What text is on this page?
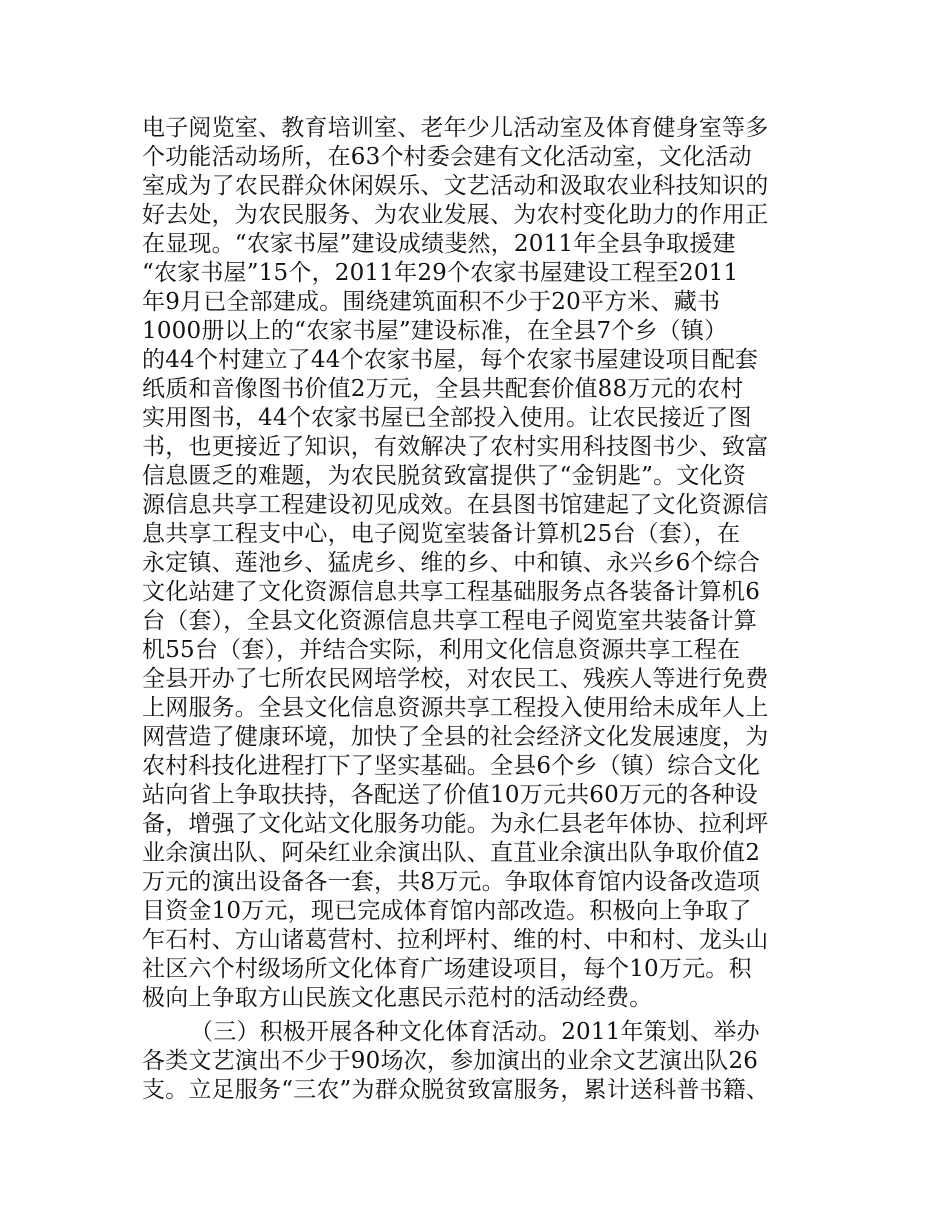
电子阅览室、教育培训室、老年少儿活动室及体育健身室等多
个功能活动场所，在63个村委会建有文化活动室，文化活动
室成为了农民群众休闲娱乐、文艺活动和汲取农业科技知识的
好去处，为农民服务、为农业发展、为农村变化助力的作用正
在显现。“农家书屋”建设成绩斐然，2011年全县争取援建
“农家书屋”15个，2011年29个农家书屋建设工程至2011
年9月已全部建成。围绕建筑面积不少于20平方米、藏书
1000册以上的“农家书屋”建设标准，在全县7个乡（镇）
的44个村建立了44个农家书屋，每个农家书屋建设项目配套
纸质和音像图书价值2万元，全县共配套价值88万元的农村
实用图书，44个农家书屋已全部投入使用。让农民接近了图
书，也更接近了知识，有效解决了农村实用科技图书少、致富
信息匮乏的难题，为农民脱贫致富提供了“金钥匙”。文化资
源信息共享工程建设初见成效。在县图书馆建起了文化资源信
息共享工程支中心，电子阅览室装备计算机25台（套），在
永定镇、莲池乡、猛虎乡、维的乡、中和镇、永兴乡6个综合
文化站建了文化资源信息共享工程基础服务点各装备计算机6
台（套），全县文化资源信息共享工程电子阅览室共装备计算
机55台（套），并结合实际，利用文化信息资源共享工程在
全县开办了七所农民网培学校，对农民工、残疾人等进行免费
上网服务。全县文化信息资源共享工程投入使用给未成年人上
网营造了健康环境，加快了全县的社会经济文化发展速度，为
农村科技化进程打下了坚实基础。全县6个乡（镇）综合文化
站向省上争取扶持，各配送了价值10万元共60万元的各种设
备，增强了文化站文化服务功能。为永仁县老年体协、拉利坪
业余演出队、阿朵红业余演出队、直苴业余演出队争取价值2
万元的演出设备各一套，共8万元。争取体育馆内设备改造项
目资金10万元，现已完成体育馆内部改造。积极向上争取了
乍石村、方山诸葛营村、拉利坪村、维的村、中和村、龙头山
社区六个村级场所文化体育广场建设项目，每个10万元。积
极向上争取方山民族文化惠民示范村的活动经费。
（三）积极开展各种文化体育活动。2011年策划、举办
各类文艺演出不少于90场次，参加演出的业余文艺演出队26
支。立足服务“三农”为群众脱贫致富服务，累计送科普书籍、
